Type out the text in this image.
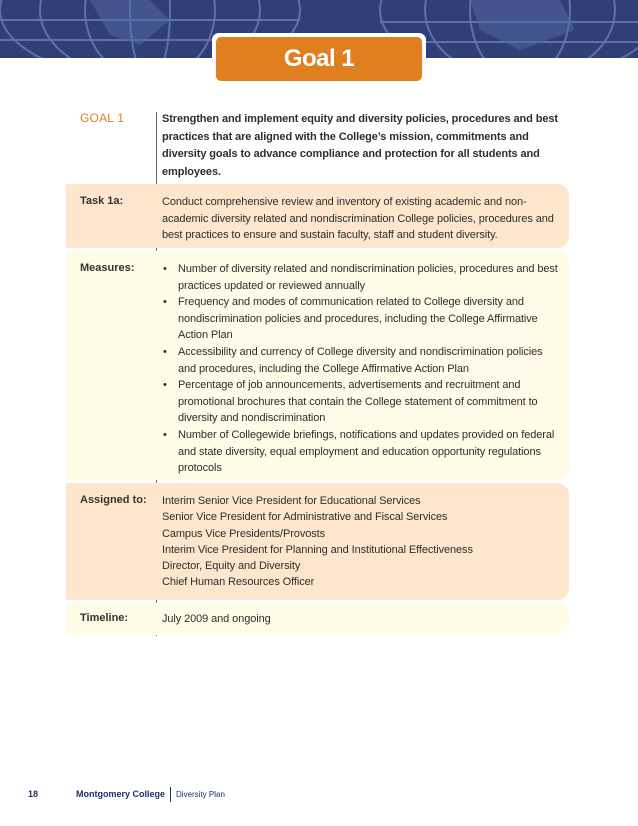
Goal 1
GOAL 1	Strengthen and implement equity and diversity policies, procedures and best practices that are aligned with the College’s mission, commitments and diversity goals to advance compliance and protection for all students and employees.
Task 1a:	Conduct comprehensive review and inventory of existing academic and non-academic diversity related and nondiscrimination College policies, procedures and best practices to ensure and sustain faculty, staff and student diversity.
Measures:	• Number of diversity related and nondiscrimination policies, procedures and best practices updated or reviewed annually
• Frequency and modes of communication related to College diversity and nondiscrimination policies and procedures, including the College Affirmative Action Plan
• Accessibility and currency of College diversity and nondiscrimination policies and procedures, including the College Affirmative Action Plan
• Percentage of job announcements, advertisements and recruitment and promotional brochures that contain the College statement of commitment to diversity and nondiscrimination
• Number of Collegewide briefings, notifications and updates provided on federal and state diversity, equal employment and education opportunity regulations protocols
Assigned to: Interim Senior Vice President for Educational Services
Senior Vice President for Administrative and Fiscal Services
Campus Vice Presidents/Provosts
Interim Vice President for Planning and Institutional Effectiveness
Director, Equity and Diversity
Chief Human Resources Officer
Timeline:	July 2009 and ongoing
18	Montgomery College Diversity Plan
